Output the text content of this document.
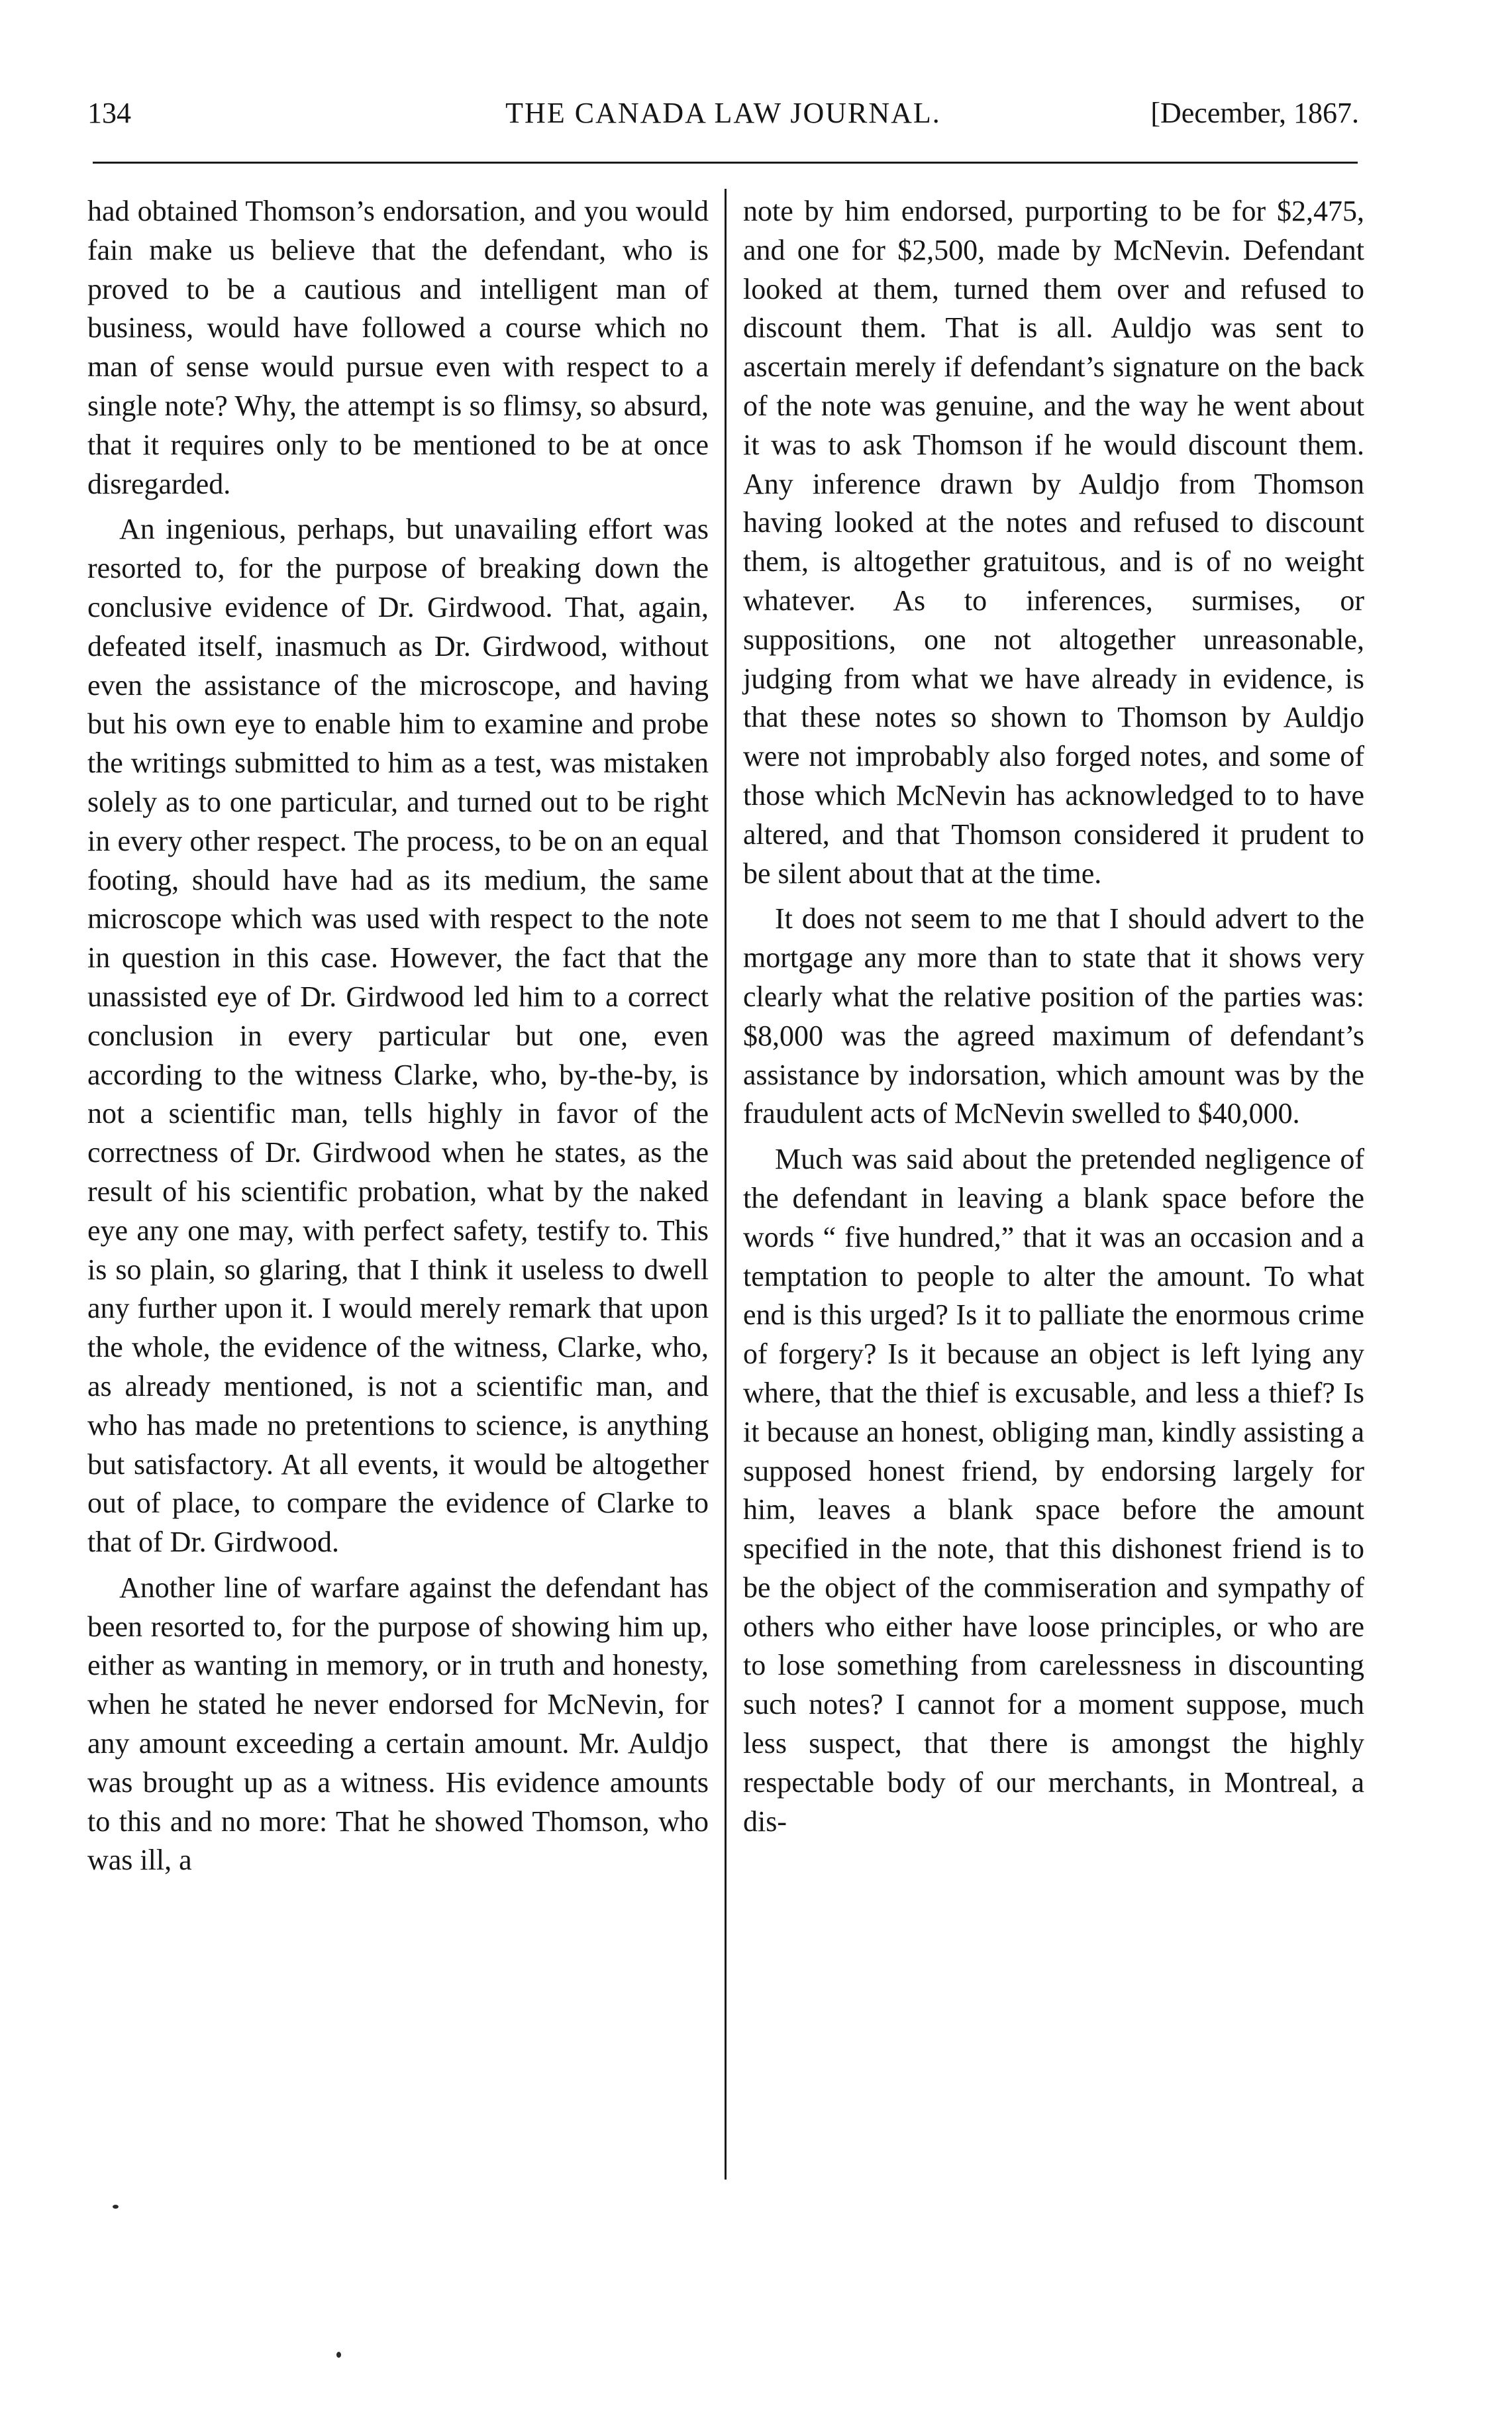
134	THE CANADA LAW JOURNAL.	[December, 1867.

had obtained Thomson’s endorsation, and you would fain make us believe that the defendant, who is proved to be a cautious and intelligent man of business, would have followed a course which no man of sense would pursue even with respect to a single note? Why, the attempt is so flimsy, so absurd, that it requires only to be mentioned to be at once disregarded.

An ingenious, perhaps, but unavailing effort was resorted to, for the purpose of breaking down the conclusive evidence of Dr. Girdwood. That, again, defeated itself, inasmuch as Dr. Girdwood, without even the assistance of the microscope, and having but his own eye to enable him to examine and probe the writings submitted to him as a test, was mistaken solely as to one particular, and turned out to be right in every other respect. The process, to be on an equal footing, should have had as its medium, the same microscope which was used with respect to the note in question in this case. However, the fact that the unassisted eye of Dr. Girdwood led him to a correct conclusion in every particular but one, even according to the witness Clarke, who, by-the-by, is not a scientific man, tells highly in favor of the correctness of Dr. Girdwood when he states, as the result of his scientific probation, what by the naked eye any one may, with perfect safety, testify to. This is so plain, so glaring, that I think it useless to dwell any further upon it. I would merely remark that upon the whole, the evidence of the witness, Clarke, who, as already mentioned, is not a scientific man, and who has made no pretentions to science, is anything but satisfactory. At all events, it would be altogether out of place, to compare the evidence of Clarke to that of Dr. Girdwood.

Another line of warfare against the defendant has been resorted to, for the purpose of showing him up, either as wanting in memory, or in truth and honesty, when he stated he never endorsed for McNevin, for any amount exceeding a certain amount. Mr. Auldjo was brought up as a witness. His evidence amounts to this and no more: That he showed Thomson, who was ill, a

note by him endorsed, purporting to be for $2,475, and one for $2,500, made by McNevin. Defendant looked at them, turned them over and refused to discount them. That is all. Auldjo was sent to ascertain merely if defendant’s signature on the back of the note was genuine, and the way he went about it was to ask Thomson if he would discount them. Any inference drawn by Auldjo from Thomson having looked at the notes and refused to discount them, is altogether gratuitous, and is of no weight whatever. As to inferences, surmises, or suppositions, one not altogether unreasonable, judging from what we have already in evidence, is that these notes so shown to Thomson by Auldjo were not improbably also forged notes, and some of those which McNevin has acknowledged to to have altered, and that Thomson considered it prudent to be silent about that at the time.

It does not seem to me that I should advert to the mortgage any more than to state that it shows very clearly what the relative position of the parties was: $8,000 was the agreed maximum of defendant’s assistance by indorsation, which amount was by the fraudulent acts of McNevin swelled to $40,000.

Much was said about the pretended negligence of the defendant in leaving a blank space before the words “ five hundred,” that it was an occasion and a temptation to people to alter the amount. To what end is this urged? Is it to palliate the enormous crime of forgery? Is it because an object is left lying any where, that the thief is excusable, and less a thief? Is it because an honest, obliging man, kindly assisting a supposed honest friend, by endorsing largely for him, leaves a blank space before the amount specified in the note, that this dishonest friend is to be the object of the commiseration and sympathy of others who either have loose principles, or who are to lose something from carelessness in discounting such notes? I cannot for a moment suppose, much less suspect, that there is amongst the highly respectable body of our merchants, in Montreal, a dis-
